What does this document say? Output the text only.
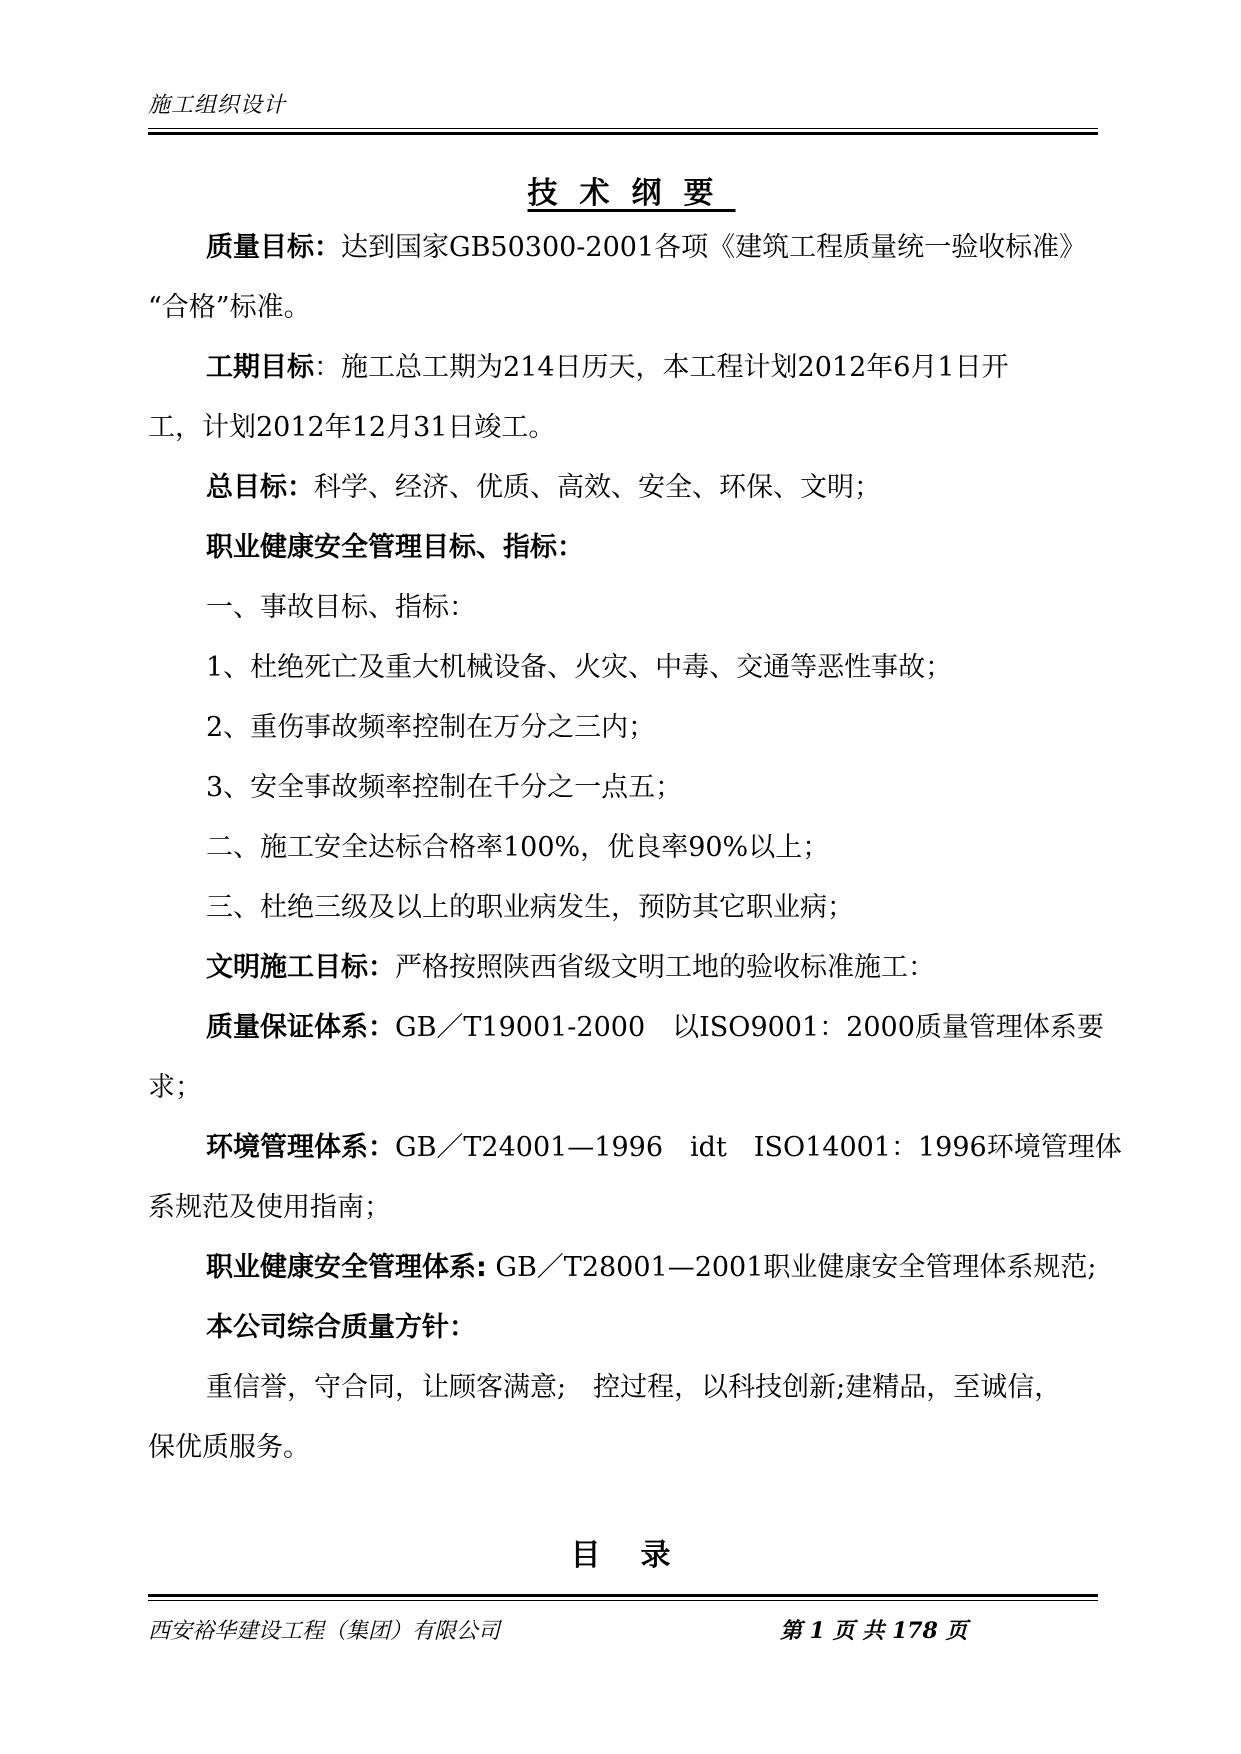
施工组织设计
技术纲要
质量目标：达到国家GB50300-2001各项《建筑工程质量统一验收标准》
“合格”标准。
工期目标：施工总工期为214日历天，本工程计划2012年6月1日开
工，计划2012年12月31日竣工。
总目标：科学、经济、优质、高效、安全、环保、文明；
职业健康安全管理目标、指标：
一、事故目标、指标：
1、杜绝死亡及重大机械设备、火灾、中毒、交通等恶性事故；
2、重伤事故频率控制在万分之三内；
3、安全事故频率控制在千分之一点五；
二、施工安全达标合格率100%，优良率90%以上；
三、杜绝三级及以上的职业病发生，预防其它职业病；
文明施工目标：严格按照陕西省级文明工地的验收标准施工：
质量保证体系：GB／T19001-2000　以ISO9001：2000质量管理体系要
求；
环境管理体系：GB／T24001—1996　idt　ISO14001：1996环境管理体
系规范及使用指南；
职业健康安全管理体系: GB／T28001—2001职业健康安全管理体系规范;
本公司综合质量方针：
重信誉，守合同，让顾客满意;　控过程，以科技创新;建精品，至诚信，
保优质服务。
目录
西安裕华建设工程（集团）有限公司	第 1 页 共 178 页
